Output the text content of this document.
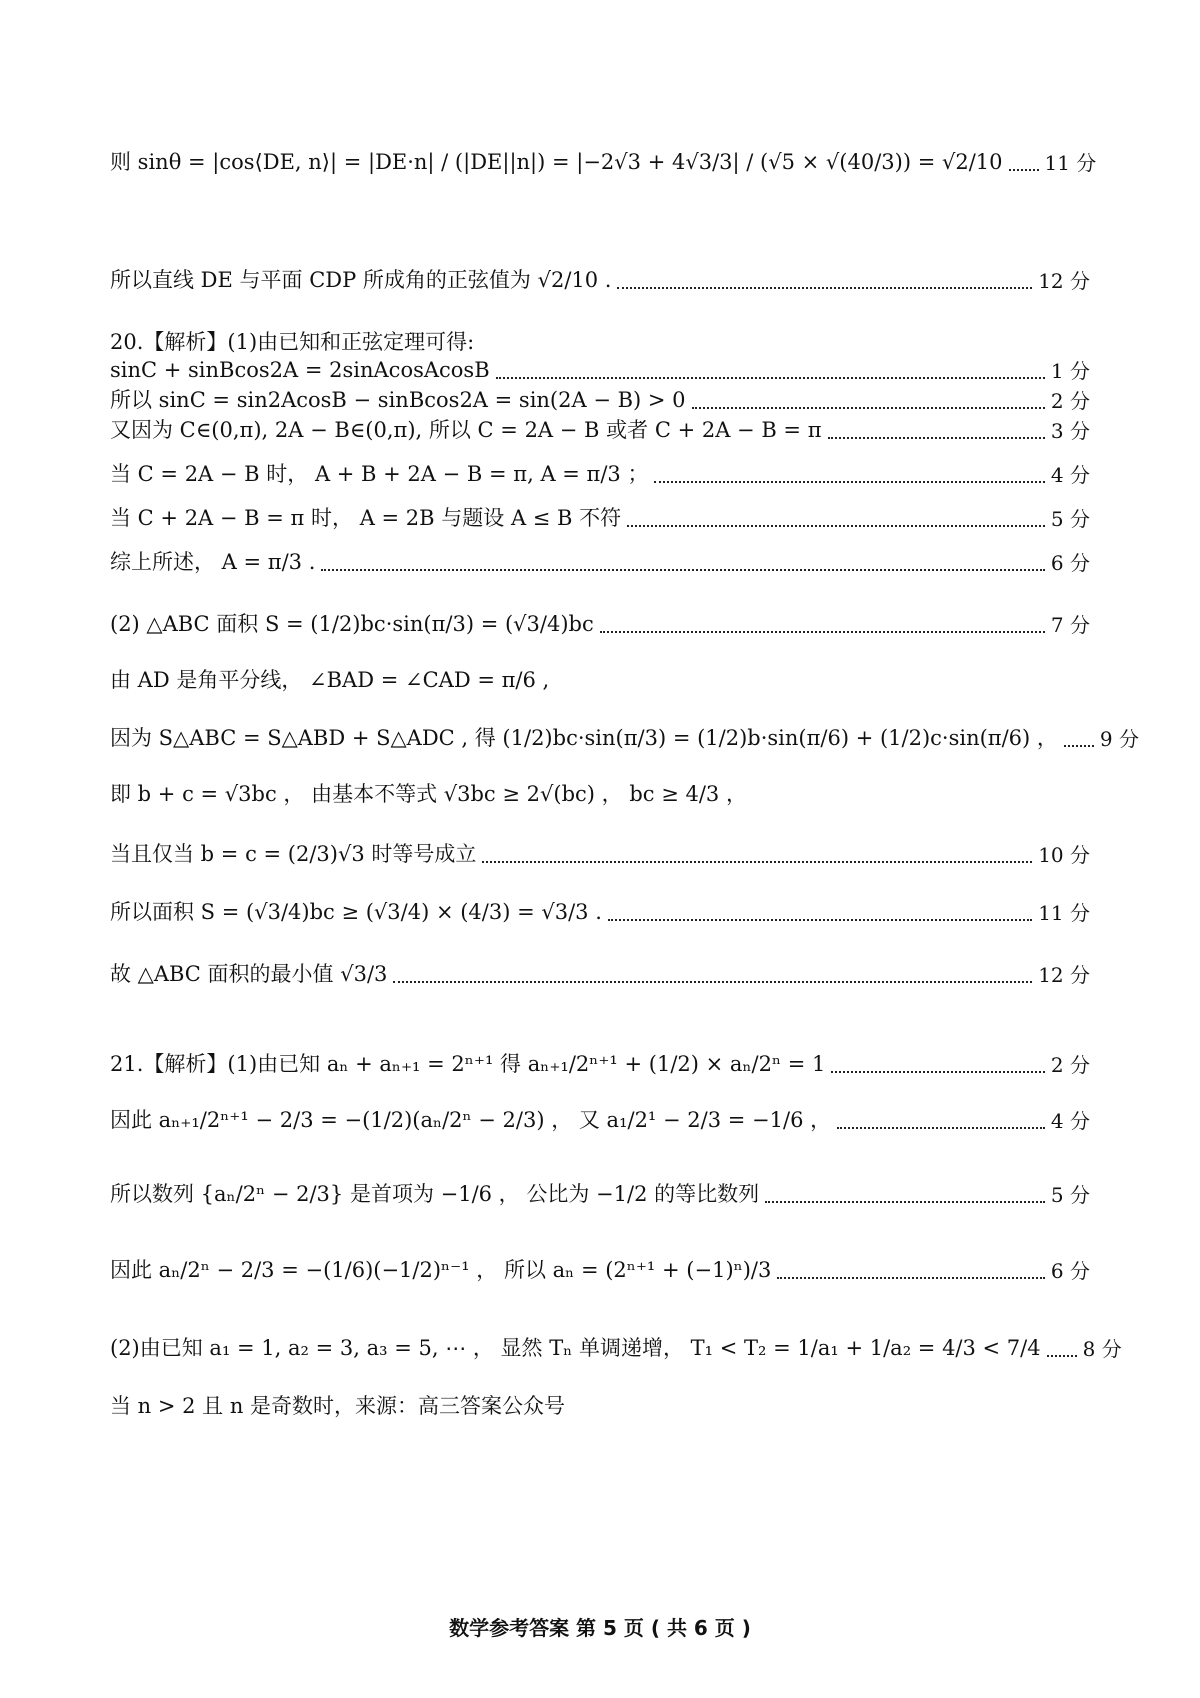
则 sinθ = |cos⟨DE, n⟩| = |DE·n| / (|DE||n|) = |−2√3 + 4√3/3| / (√5 × √(40/3)) = √2/10 11 分
所以直线 DE 与平面 CDP 所成角的正弦值为 √2/10 .	12 分
20.【解析】(1)由已知和正弦定理可得:
sinC + sinBcos2A = 2sinAcosAcosB	1 分
所以 sinC = sin2AcosB − sinBcos2A = sin(2A − B) > 0	2 分
又因为 C∈(0,π), 2A − B∈(0,π), 所以 C = 2A − B 或者 C + 2A − B = π	3 分
当 C = 2A − B 时， A + B + 2A − B = π, A = π/3 ；	4 分
当 C + 2A − B = π 时， A = 2B 与题设 A ≤ B 不符	5 分
综上所述， A = π/3 .	6 分
(2) △ABC 面积 S = (1/2)bc·sin(π/3) = (√3/4)bc	7 分
由 AD 是角平分线， ∠BAD = ∠CAD = π/6 ,
因为 S△ABC = S△ABD + S△ADC , 得 (1/2)bc·sin(π/3) = (1/2)b·sin(π/6) + (1/2)c·sin(π/6) ， 9 分
即 b + c = √3bc ， 由基本不等式 √3bc ≥ 2√(bc) ， bc ≥ 4/3 ，
当且仅当 b = c = (2/3)√3 时等号成立	10 分
所以面积 S = (√3/4)bc ≥ (√3/4) × (4/3) = √3/3 .	11 分
故 △ABC 面积的最小值 √3/3	12 分
21.【解析】(1)由已知 aₙ + aₙ₊₁ = 2ⁿ⁺¹ 得 aₙ₊₁/2ⁿ⁺¹ + (1/2) × aₙ/2ⁿ = 1	2 分
因此 aₙ₊₁/2ⁿ⁺¹ − 2/3 = −(1/2)(aₙ/2ⁿ − 2/3) ， 又 a₁/2¹ − 2/3 = −1/6 ，	4 分
所以数列 {aₙ/2ⁿ − 2/3} 是首项为 −1/6 ， 公比为 −1/2 的等比数列	5 分
因此 aₙ/2ⁿ − 2/3 = −(1/6)(−1/2)ⁿ⁻¹ ， 所以 aₙ = (2ⁿ⁺¹ + (−1)ⁿ)/3	6 分
(2)由已知 a₁ = 1, a₂ = 3, a₃ = 5, ⋯ ， 显然 Tₙ 单调递增， T₁ < T₂ = 1/a₁ + 1/a₂ = 4/3 < 7/4 8 分
当 n > 2 且 n 是奇数时，来源：高三答案公众号
数学参考答案 第 5 页 ( 共 6 页 )
